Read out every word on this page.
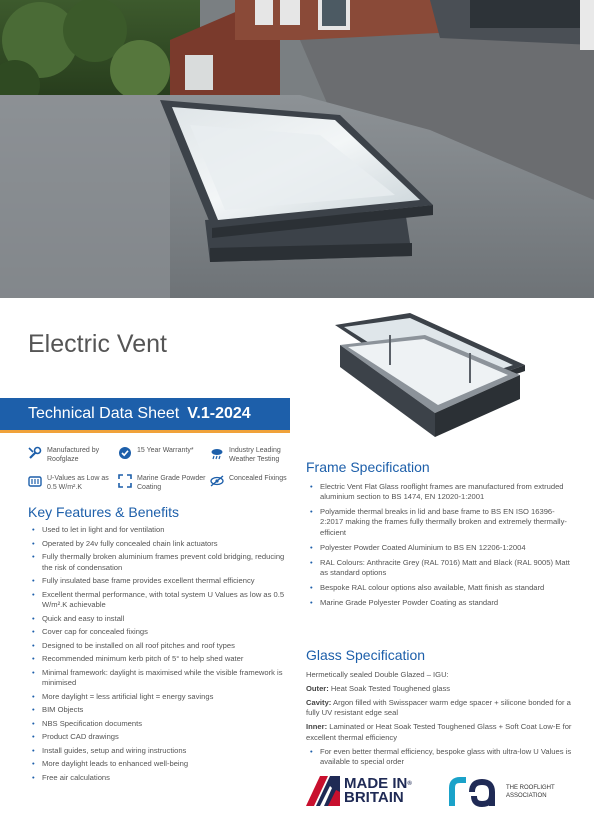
Electric Vent
Technical Data Sheet V.1-2024
Manufactured by Roofglaze
15 Year Warranty*	Industry Leading Weather Testing
U-Values as Low as 0.5 W/m².K
Marine Grade Powder Coating
Concealed Fixings
Key Features & Benefits
• Used to let in light and for ventilation
• Operated by 24v fully concealed chain link actuators
• Fully thermally broken aluminium frames prevent cold bridging, reducing the risk of condensation
• Fully insulated base frame provides excellent thermal efficiency
• Excellent thermal performance, with total system U Values as low as 0.5 W/m².K achievable
• Quick and easy to install
• Cover cap for concealed fixings
• Designed to be installed on all roof pitches and roof types
• Recommended minimum kerb pitch of 5° to help shed water
• Minimal framework: daylight is maximised while the visible framework is minimised
• More daylight = less artificial light = energy savings
• BIM Objects
• NBS Specification documents
• Product CAD drawings
• Install guides, setup and wiring instructions
• More daylight leads to enhanced well-being
• Free air calculations
Frame Specification
• Electric Vent Flat Glass rooflight frames are manufactured from extruded aluminium section to BS 1474, EN 12020-1:2001
• Polyamide thermal breaks in lid and base frame to BS EN ISO 16396-2:2017 making the frames fully thermally broken and extremely thermally-efficient
• Polyester Powder Coated Aluminium to BS EN 12206-1:2004
• RAL Colours: Anthracite Grey (RAL 7016) Matt and Black (RAL 9005) Matt as standard options
• Bespoke RAL colour options also available, Matt finish as standard
• Marine Grade Polyester Powder Coating as standard
Glass Specification

Hermetically sealed Double Glazed – IGU:

Outer: Heat Soak Tested Toughened glass

Cavity: Argon filled with Swisspacer warm edge spacer + silicone bonded for a fully UV resistant edge seal

Inner: Laminated or Heat Soak Tested Toughened Glass + Soft Coat Low-E for excellent thermal efficiency

• For even better thermal efficiency, bespoke glass with ultra-low U Values is available to special order
MADE IN®
BRITAIN
THE ROOFLIGHT
ASSOCIATION
